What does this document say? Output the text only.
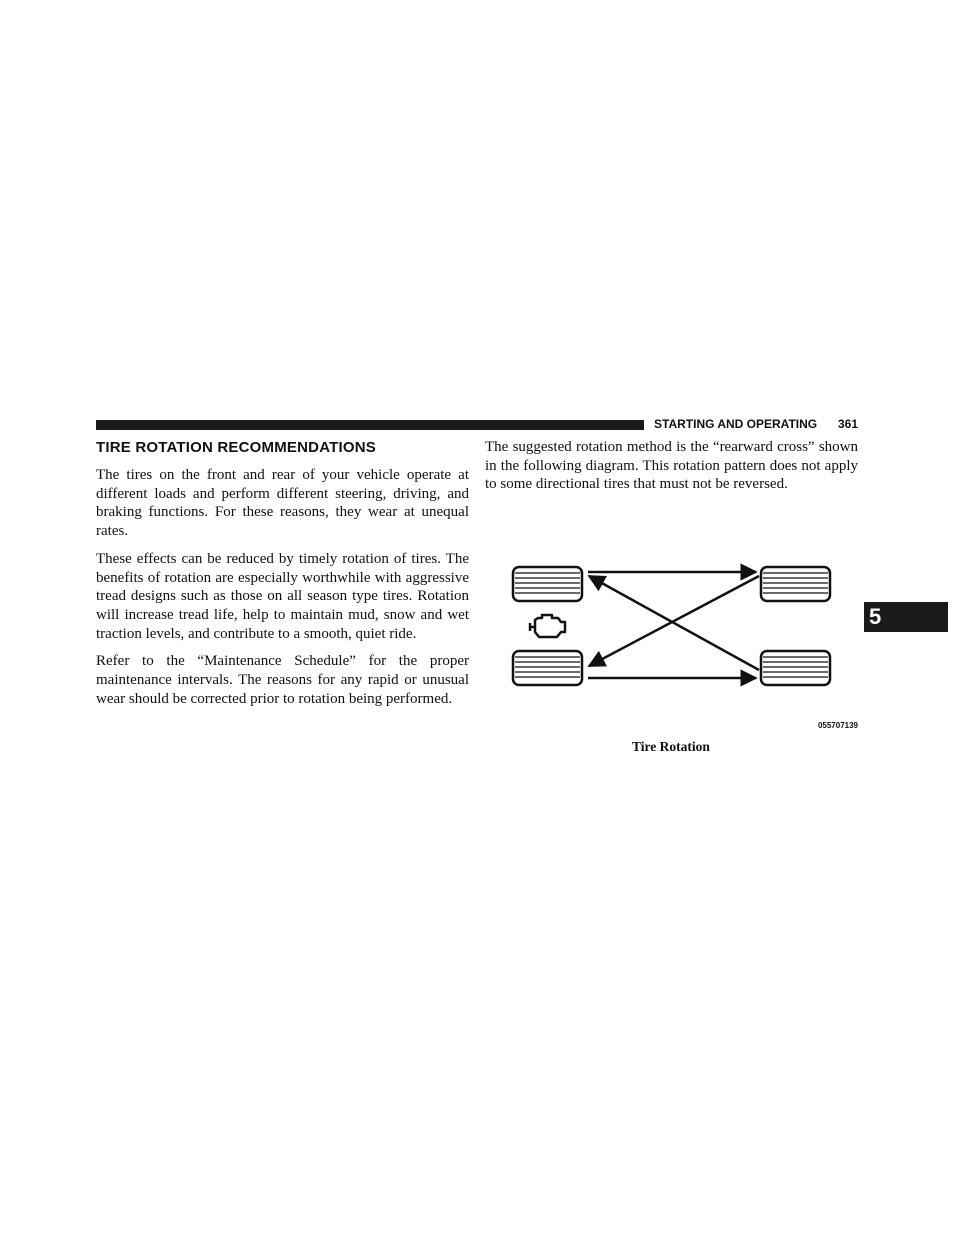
STARTING AND OPERATING 361
5
TIRE ROTATION RECOMMENDATIONS

The tires on the front and rear of your vehicle operate at different loads and perform different steering, driving, and braking functions. For these reasons, they wear at unequal rates.

These effects can be reduced by timely rotation of tires. The benefits of rotation are especially worthwhile with aggressive tread designs such as those on all season type tires. Rotation will increase tread life, help to maintain mud, snow and wet traction levels, and contribute to a smooth, quiet ride.

Refer to the “Maintenance Schedule” for the proper maintenance intervals. The reasons for any rapid or unusual wear should be corrected prior to rotation being performed.

The suggested rotation method is the “rearward cross” shown in the following diagram. This rotation pattern does not apply to some directional tires that must not be reversed.

055707139
Tire Rotation
